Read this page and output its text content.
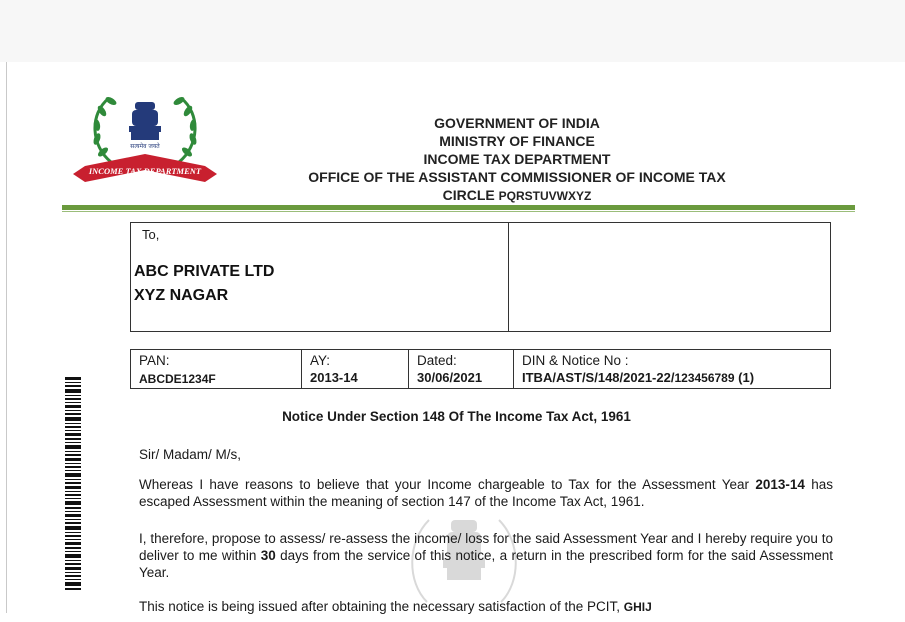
सत्यमेव जयते
INCOME TAX DEPARTMENT
GOVERNMENT OF INDIA
MINISTRY OF FINANCE
INCOME TAX DEPARTMENT
OFFICE OF THE ASSISTANT COMMISSIONER OF INCOME TAX
CIRCLE PQRSTUVWXYZ
To,
ABC PRIVATE LTD
XYZ NAGAR
PAN:
ABCDE1234F
AY:
2013-14
Dated:
30/06/2021
DIN & Notice No :
ITBA/AST/S/148/2021-22/123456789 (1)
Notice Under Section 148 Of The Income Tax Act, 1961
Sir/ Madam/ M/s,
Whereas I have reasons to believe that your Income chargeable to Tax for the Assessment Year 2013-14 has escaped Assessment within the meaning of section 147 of the Income Tax Act, 1961.
I, therefore, propose to assess/ re-assess the income/ loss for the said Assessment Year and I hereby require you to deliver to me within 30 days from the service of this notice, a return in the prescribed form for the said Assessment Year.
This notice is being issued after obtaining the necessary satisfaction of the PCIT, GHIJ
